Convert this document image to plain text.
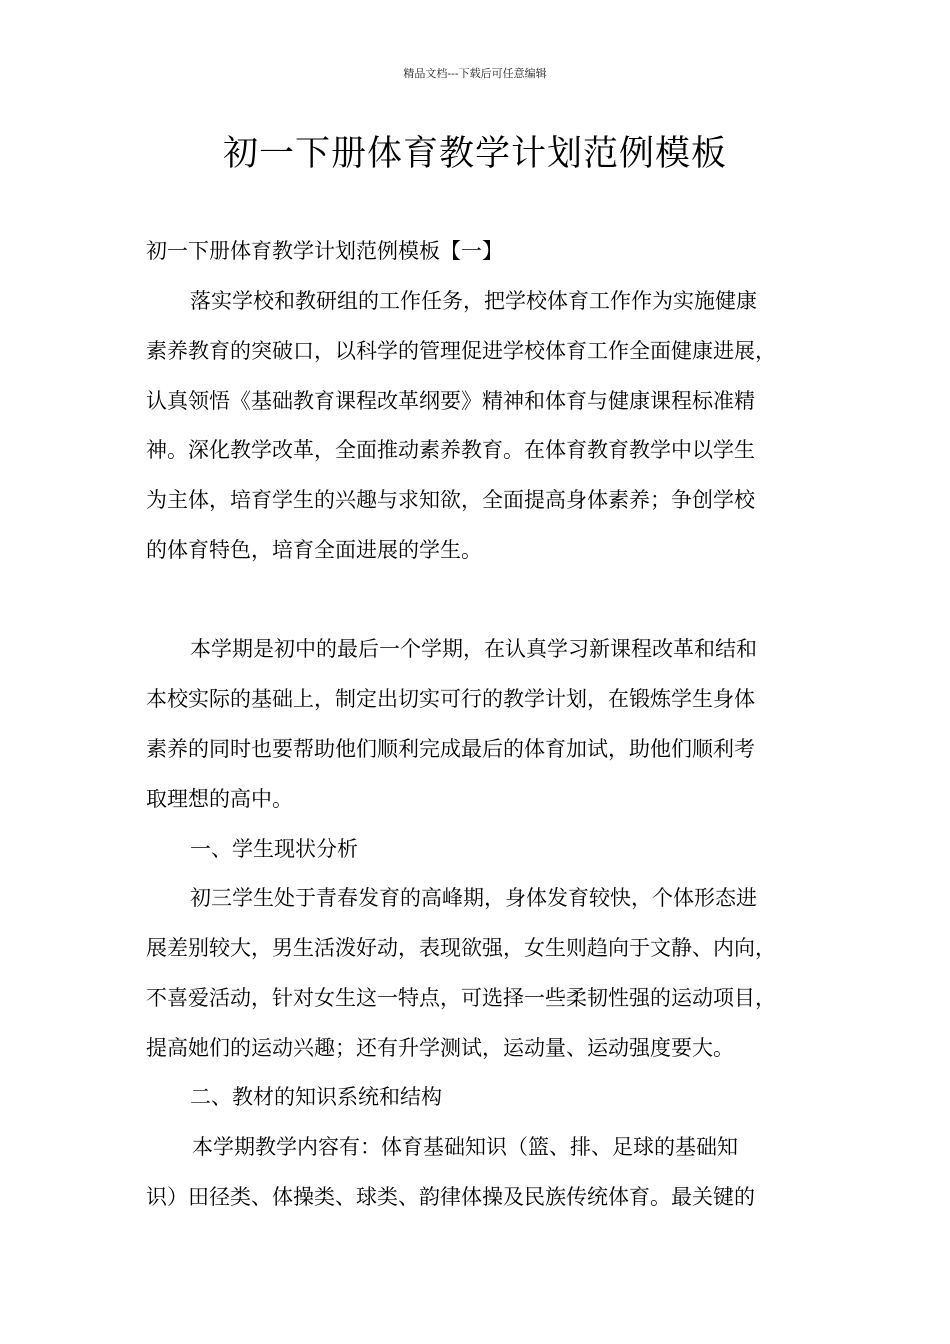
精品文档---下载后可任意编辑
初一下册体育教学计划范例模板

初一下册体育教学计划范例模板【一】

落实学校和教研组的工作任务，把学校体育工作作为实施健康

素养教育的突破口，以科学的管理促进学校体育工作全面健康进展，

认真领悟《基础教育课程改革纲要》精神和体育与健康课程标准精

神。深化教学改革，全面推动素养教育。在体育教育教学中以学生

为主体，培育学生的兴趣与求知欲，全面提高身体素养；争创学校

的体育特色，培育全面进展的学生。

本学期是初中的最后一个学期，在认真学习新课程改革和结和

本校实际的基础上，制定出切实可行的教学计划，在锻炼学生身体

素养的同时也要帮助他们顺利完成最后的体育加试，助他们顺利考

取理想的高中。

一、学生现状分析

初三学生处于青春发育的高峰期，身体发育较快，个体形态进

展差别较大，男生活泼好动，表现欲强，女生则趋向于文静、内向，

不喜爱活动，针对女生这一特点，可选择一些柔韧性强的运动项目，

提高她们的运动兴趣；还有升学测试，运动量、运动强度要大。

二、教材的知识系统和结构

本学期教学内容有：体育基础知识（篮、排、足球的基础知

识）田径类、体操类、球类、韵律体操及民族传统体育。最关键的
